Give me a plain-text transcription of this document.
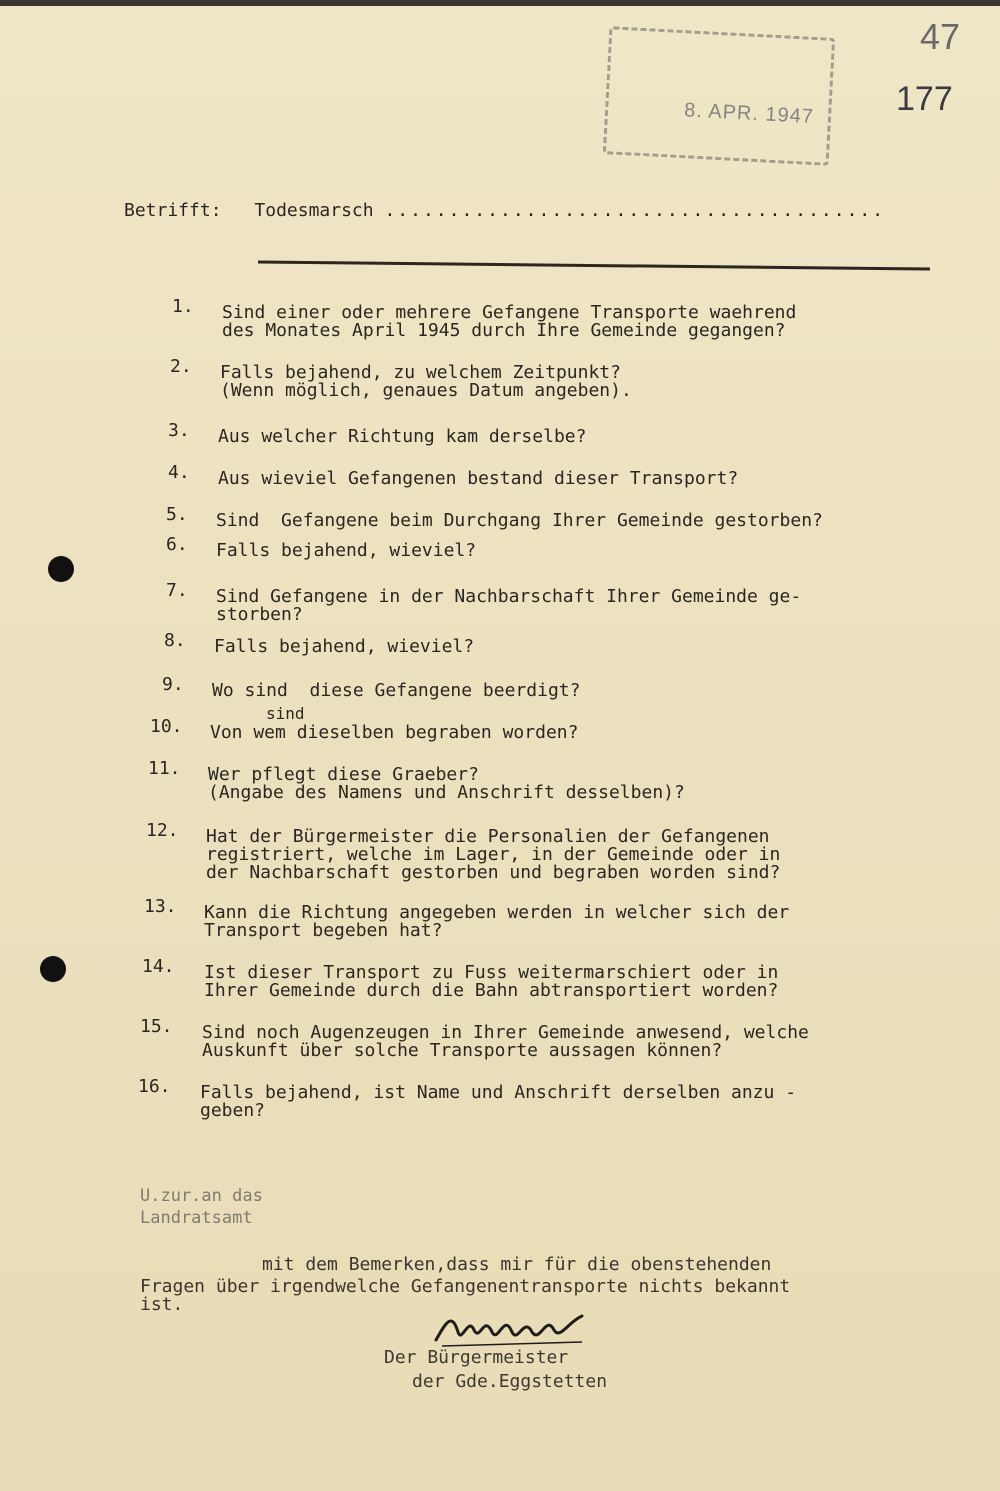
8. APR. 1947
47
177
Betrifft: Todesmarsch .......................................
1. Sind einer oder mehrere Gefangene Transporte waehrend
des Monates April 1945 durch Ihre Gemeinde gegangen?
2. Falls bejahend, zu welchem Zeitpunkt?
(Wenn möglich, genaues Datum angeben).
3. Aus welcher Richtung kam derselbe?
4. Aus wieviel Gefangenen bestand dieser Transport?
5. Sind  Gefangene beim Durchgang Ihrer Gemeinde gestorben?
6. Falls bejahend, wieviel?
7. Sind Gefangene in der Nachbarschaft Ihrer Gemeinde ge-
storben?
8. Falls bejahend, wieviel?
9. Wo sind  diese Gefangene beerdigt?
sind
10. Von wem dieselben begraben worden?
11. Wer pflegt diese Graeber?
(Angabe des Namens und Anschrift desselben)?
12. Hat der Bürgermeister die Personalien der Gefangenen
registriert, welche im Lager, in der Gemeinde oder in
der Nachbarschaft gestorben und begraben worden sind?
13. Kann die Richtung angegeben werden in welcher sich der
Transport begeben hat?
14. Ist dieser Transport zu Fuss weitermarschiert oder in
Ihrer Gemeinde durch die Bahn abtransportiert worden?
15. Sind noch Augenzeugen in Ihrer Gemeinde anwesend, welche
Auskunft über solche Transporte aussagen können?
16. Falls bejahend, ist Name und Anschrift derselben anzu -
geben?
U.zur.an das
Landratsamt
mit dem Bemerken,dass mir für die obenstehenden
Fragen über irgendwelche Gefangenentransporte nichts bekannt
ist.
Der Bürgermeister
der Gde.Eggstetten
